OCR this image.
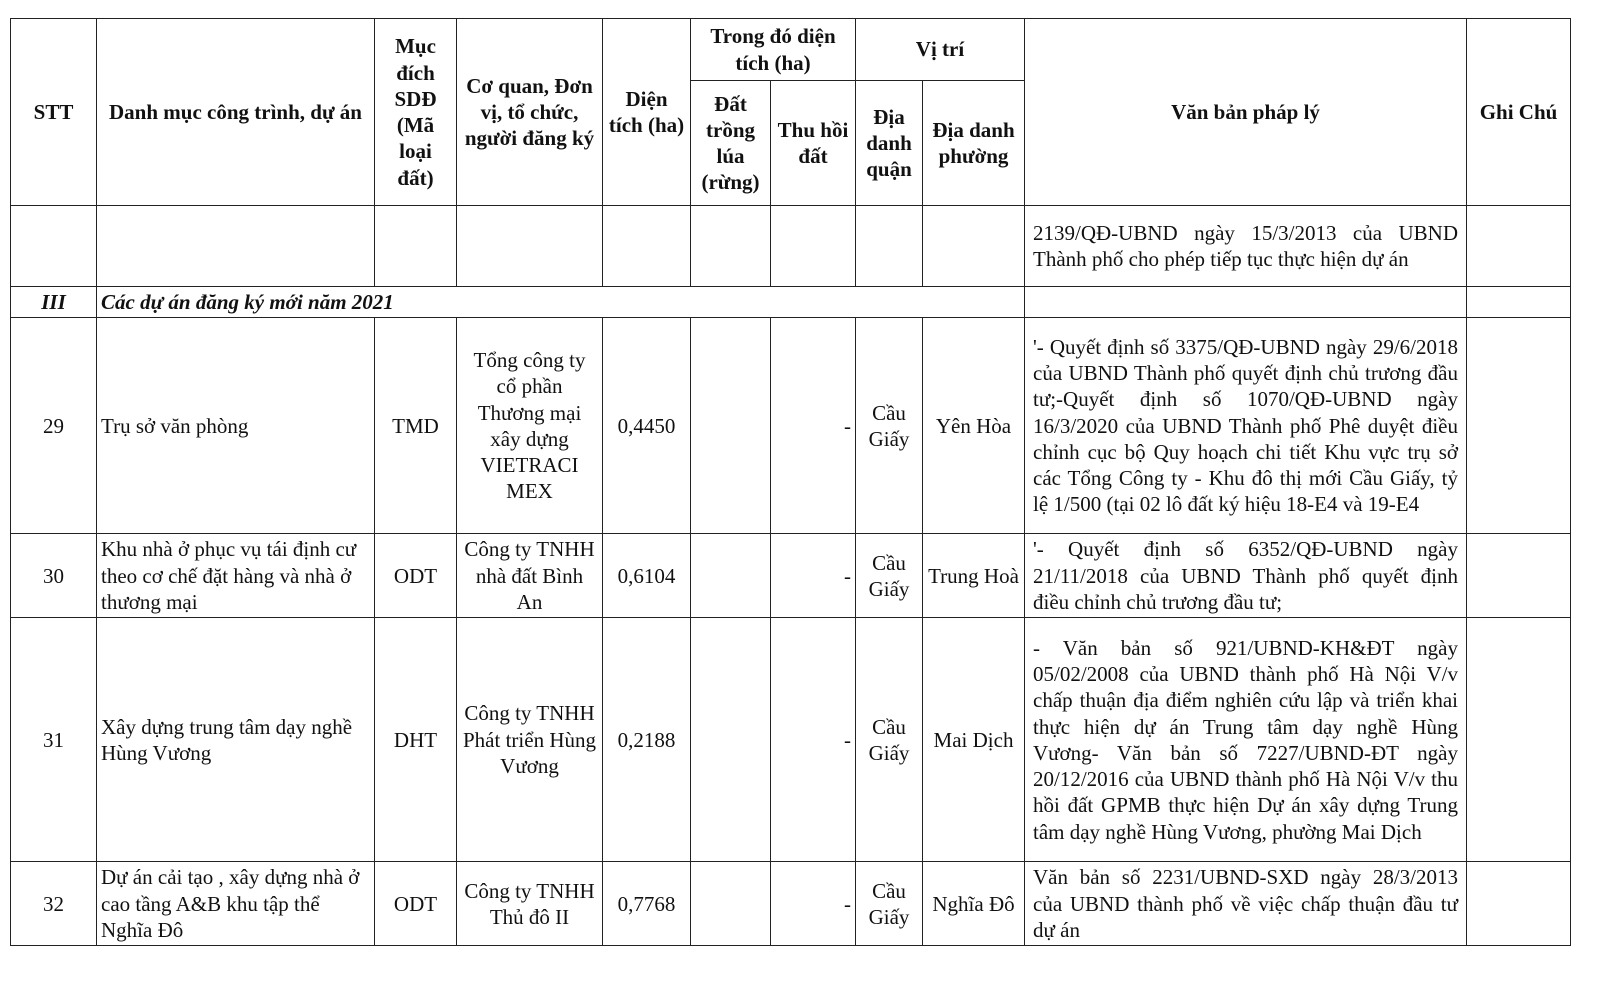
STT	Danh mục công trình, dự án	Mục đích SDĐ (Mã loại đất)	Cơ quan, Đơn vị, tổ chức, người đăng ký	Diện tích (ha)	Trong đó diện tích (ha)		Vị trí		Văn bản pháp lý	Ghi Chú
					Đất trồng lúa (rừng)	Thu hồi đất	Địa danh quận	Địa danh phường		
									2139/QĐ-UBND ngày 15/3/2013 của UBND Thành phố cho phép tiếp tục thực hiện dự án	
III	Các dự án đăng ký mới năm 2021									
29	Trụ sở văn phòng	TMD	Tổng công ty cổ phần Thương mại xây dựng VIETRACI MEX	0,4450		-	Cầu Giấy	Yên Hòa	'- Quyết định số 3375/QĐ-UBND ngày 29/6/2018 của UBND Thành phố quyết định chủ trương đầu tư;-Quyết định số 1070/QĐ-UBND ngày 16/3/2020 của UBND Thành phố Phê duyệt điều chỉnh cục bộ Quy hoạch chi tiết Khu vực trụ sở các Tổng Công ty - Khu đô thị mới Cầu Giấy, tỷ lệ 1/500 (tại 02 lô đất ký hiệu 18-E4 và 19-E4	
30	Khu nhà ở phục vụ tái định cư theo cơ chế đặt hàng và nhà ở thương mại	ODT	Công ty TNHH nhà đất Bình An	0,6104		-	Cầu Giấy	Trung Hoà	'- Quyết định số 6352/QĐ-UBND ngày 21/11/2018 của UBND Thành phố quyết định điều chỉnh chủ trương đầu tư;	
31	Xây dựng trung tâm dạy nghề Hùng Vương	DHT	Công ty TNHH Phát triển Hùng Vương	0,2188		-	Cầu Giấy	Mai Dịch	- Văn bản số 921/UBND-KH&ĐT ngày 05/02/2008 của UBND thành phố Hà Nội V/v chấp thuận địa điểm nghiên cứu lập và triển khai thực hiện dự án Trung tâm dạy nghề Hùng Vương- Văn bản số 7227/UBND-ĐT ngày 20/12/2016 của UBND thành phố Hà Nội V/v thu hồi đất GPMB thực hiện Dự án xây dựng Trung tâm dạy nghề Hùng Vương, phường Mai Dịch	
32	Dự án cải tạo , xây dựng nhà ở cao tầng A&B khu tập thể Nghĩa Đô	ODT	Công ty TNHH Thủ đô II	0,7768		-	Cầu Giấy	Nghĩa Đô	Văn bản số 2231/UBND-SXD ngày 28/3/2013 của UBND thành phố về việc chấp thuận đầu tư dự án	
